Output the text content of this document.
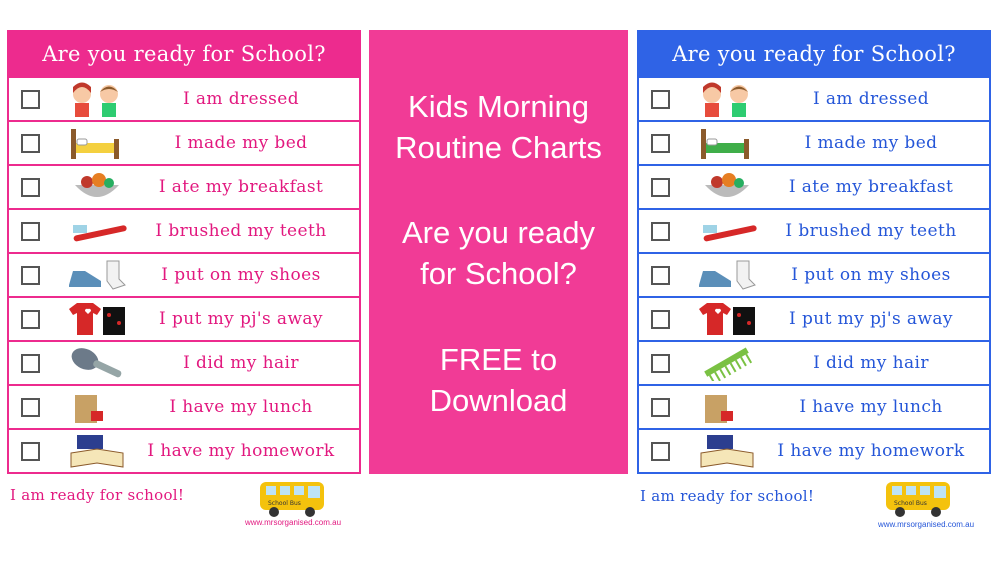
Are you ready for School?
I am dressed
I made my bed
I ate my breakfast
I brushed my teeth
I put on my shoes
I put my pj's away
I did my hair
I have my lunch
I have my homework
I am ready for school!	School Bus
www.mrsorganised.com.au

Kids Morning

Routine Charts

Are you ready

for School?

FREE to

Download

Are you ready for School?
I am dressed
I made my bed
I ate my breakfast
I brushed my teeth
I put on my shoes
I put my pj's away
I did my hair
I have my lunch
I have my homework
I am ready for school!	School Bus
www.mrsorganised.com.au
